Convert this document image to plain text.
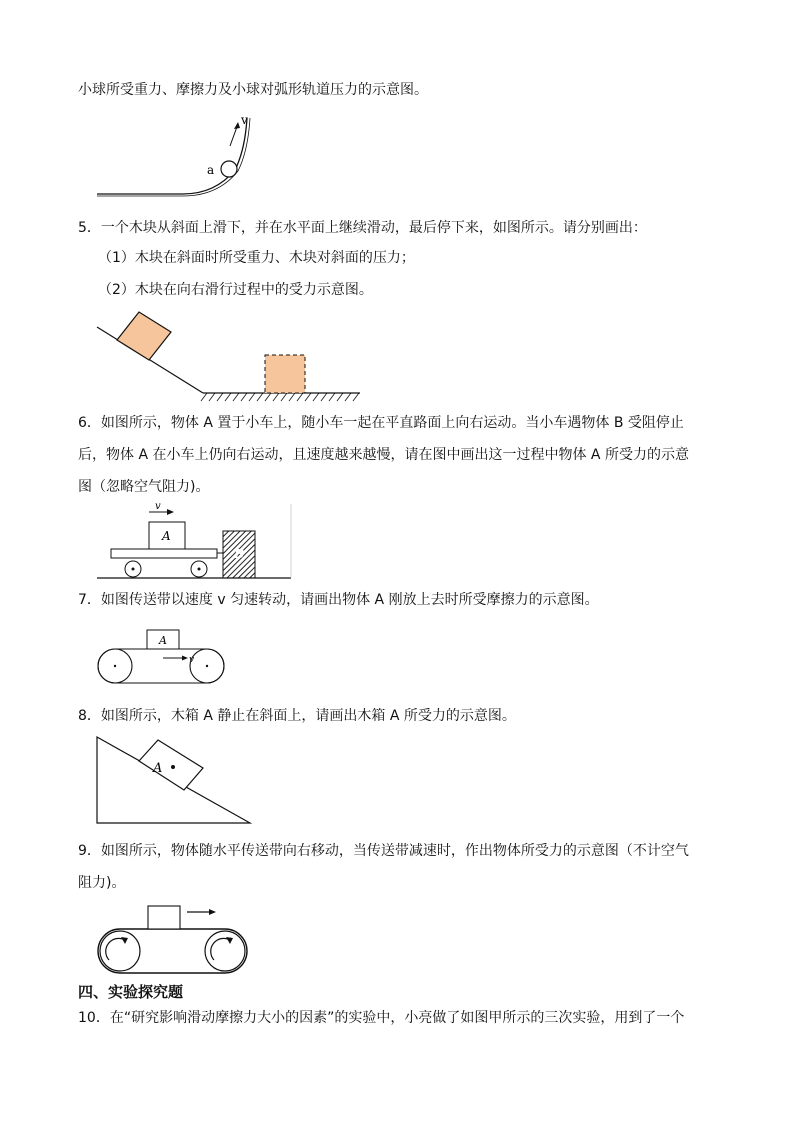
小球所受重力、摩擦力及小球对弧形轨道压力的示意图。
a
v
5．一个木块从斜面上滑下，并在水平面上继续滑动，最后停下来，如图所示。请分别画出：
（1）木块在斜面时所受重力、木块对斜面的压力；
（2）木块在向右滑行过程中的受力示意图。
6．如图所示，物体 A 置于小车上，随小车一起在平直路面上向右运动。当小车遇物体 B 受阻停止
后，物体 A 在小车上仍向右运动，且速度越来越慢，请在图中画出这一过程中物体 A 所受力的示意
图（忽略空气阻力)。
v
A
B
7．如图传送带以速度 v 匀速转动，请画出物体 A 刚放上去时所受摩擦力的示意图。
A
v
8．如图所示，木箱 A 静止在斜面上，请画出木箱 A 所受力的示意图。
A
9．如图所示，物体随水平传送带向右移动，当传送带减速时，作出物体所受力的示意图（不计空气
阻力)。
四、实验探究题
10．在“研究影响滑动摩擦力大小的因素”的实验中，小亮做了如图甲所示的三次实验，用到了一个
